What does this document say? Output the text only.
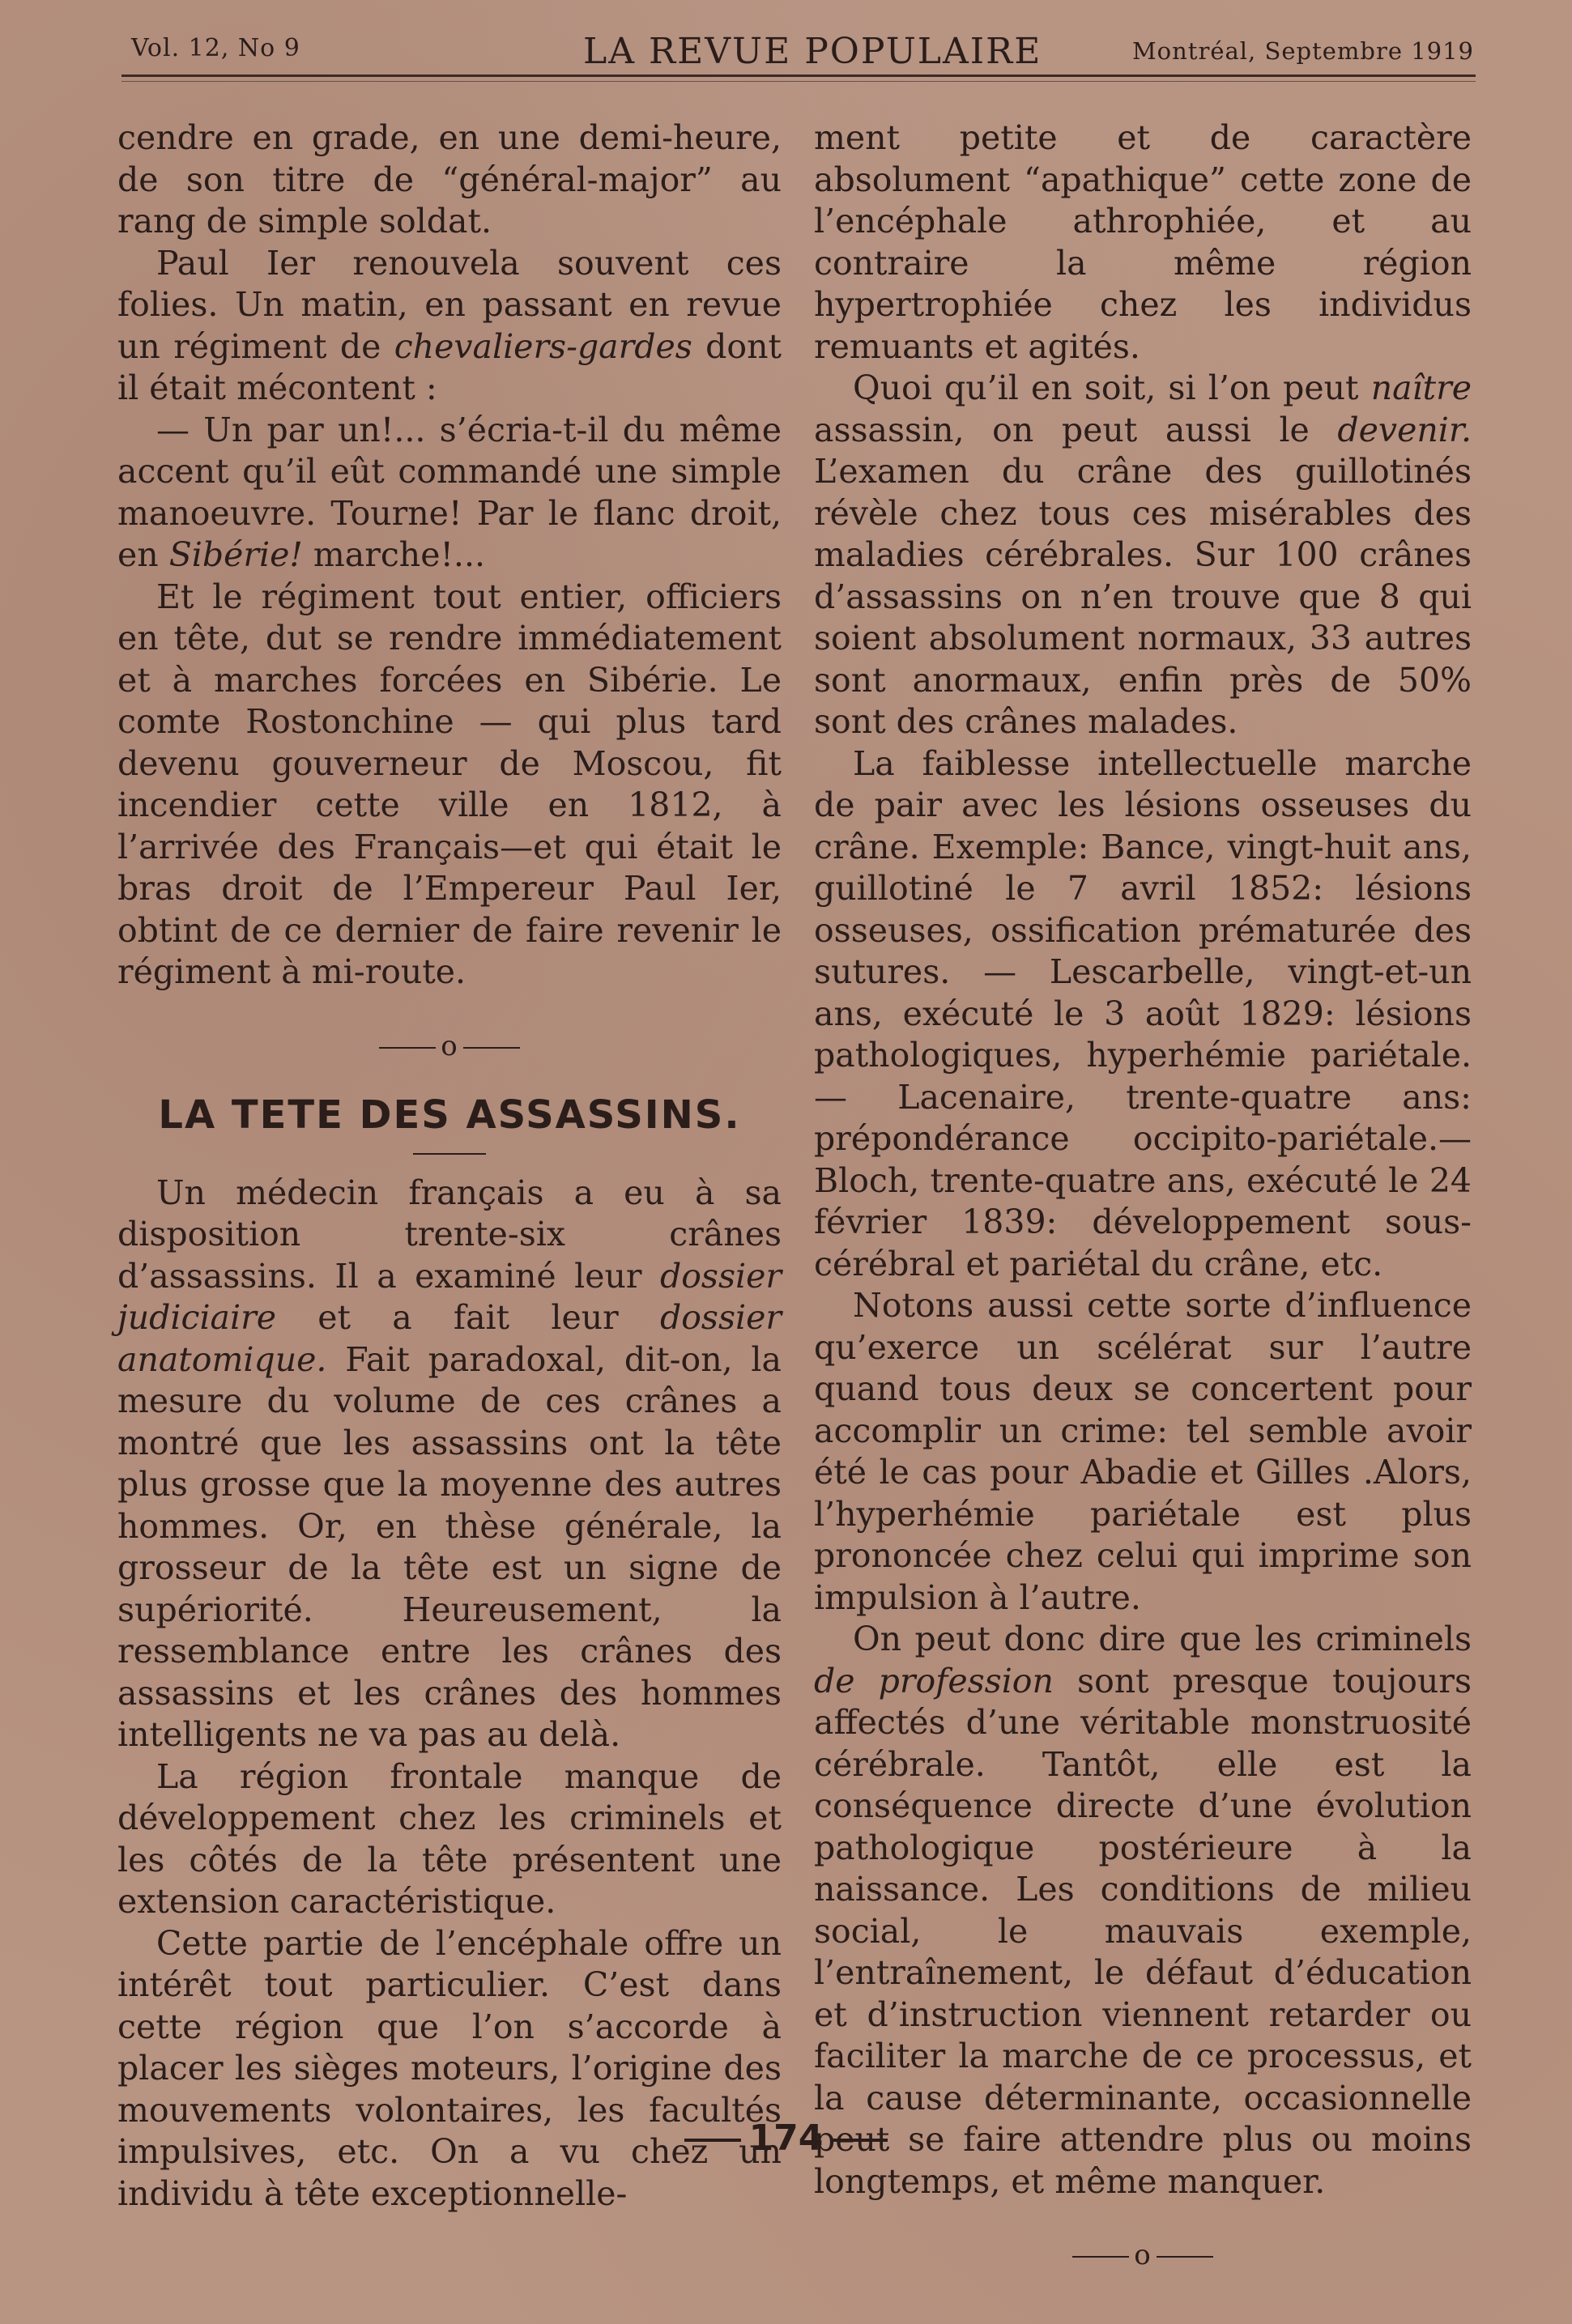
Vol. 12, No 9	LA REVUE POPULAIRE	Montréal, Septembre 1919

cendre en grade, en une demi-heure, de son titre de “général-major” au rang de simple soldat.

Paul Ier renouvela souvent ces folies. Un matin, en passant en revue un régiment de chevaliers-gardes dont il était mécontent :

— Un par un!... s’écria-t-il du même accent qu’il eût commandé une simple manoeuvre. Tourne! Par le flanc droit, en Sibérie! marche!...

Et le régiment tout entier, officiers en tête, dut se rendre immédiatement et à marches forcées en Sibérie. Le comte Rostonchine — qui plus tard devenu gouverneur de Moscou, fit incendier cette ville en 1812, à l’arrivée des Français—et qui était le bras droit de l’Empereur Paul Ier, obtint de ce dernier de faire revenir le régiment à mi-route.

o
LA TETE DES ASSASSINS.

Un médecin français a eu à sa disposition trente-six crânes d’assassins. Il a examiné leur dossier judiciaire et a fait leur dossier anatomique. Fait paradoxal, dit-on, la mesure du volume de ces crânes a montré que les assassins ont la tête plus grosse que la moyenne des autres hommes. Or, en thèse générale, la grosseur de la tête est un signe de supériorité. Heureusement, la ressemblance entre les crânes des assassins et les crânes des hommes intelligents ne va pas au delà.

La région frontale manque de développement chez les criminels et les côtés de la tête présentent une extension caractéristique.

Cette partie de l’encéphale offre un intérêt tout particulier. C’est dans cette région que l’on s’accorde à placer les sièges moteurs, l’origine des mouvements volontaires, les facultés impulsives, etc. On a vu chez un individu à tête exceptionnelle-

ment petite et de caractère absolument “apathique” cette zone de l’encéphale athrophiée, et au contraire la même région hypertrophiée chez les individus remuants et agités.

Quoi qu’il en soit, si l’on peut naître assassin, on peut aussi le devenir. L’examen du crâne des guillotinés révèle chez tous ces misérables des maladies cérébrales. Sur 100 crânes d’assassins on n’en trouve que 8 qui soient absolument normaux, 33 autres sont anormaux, enfin près de 50% sont des crânes malades.

La faiblesse intellectuelle marche de pair avec les lésions osseuses du crâne. Exemple: Bance, vingt-huit ans, guillotiné le 7 avril 1852: lésions osseuses, ossification prématurée des sutures. — Lescarbelle, vingt-et-un ans, exécuté le 3 août 1829: lésions pathologiques, hyperhémie pariétale. — Lacenaire, trente-quatre ans: prépondérance occipito-pariétale.—Bloch, trente-quatre ans, exécuté le 24 février 1839: développement sous-cérébral et pariétal du crâne, etc.

Notons aussi cette sorte d’influence qu’exerce un scélérat sur l’autre quand tous deux se concertent pour accomplir un crime: tel semble avoir été le cas pour Abadie et Gilles .Alors, l’hyperhémie pariétale est plus prononcée chez celui qui imprime son impulsion à l’autre.

On peut donc dire que les criminels de profession sont presque toujours affectés d’une véritable monstruosité cérébrale. Tantôt, elle est la conséquence directe d’une évolution pathologique postérieure à la naissance. Les conditions de milieu social, le mauvais exemple, l’entraînement, le défaut d’éducation et d’instruction viennent retarder ou faciliter la marche de ce processus, et la cause déterminante, occasionnelle peut se faire attendre plus ou moins longtemps, et même manquer.

o
174
